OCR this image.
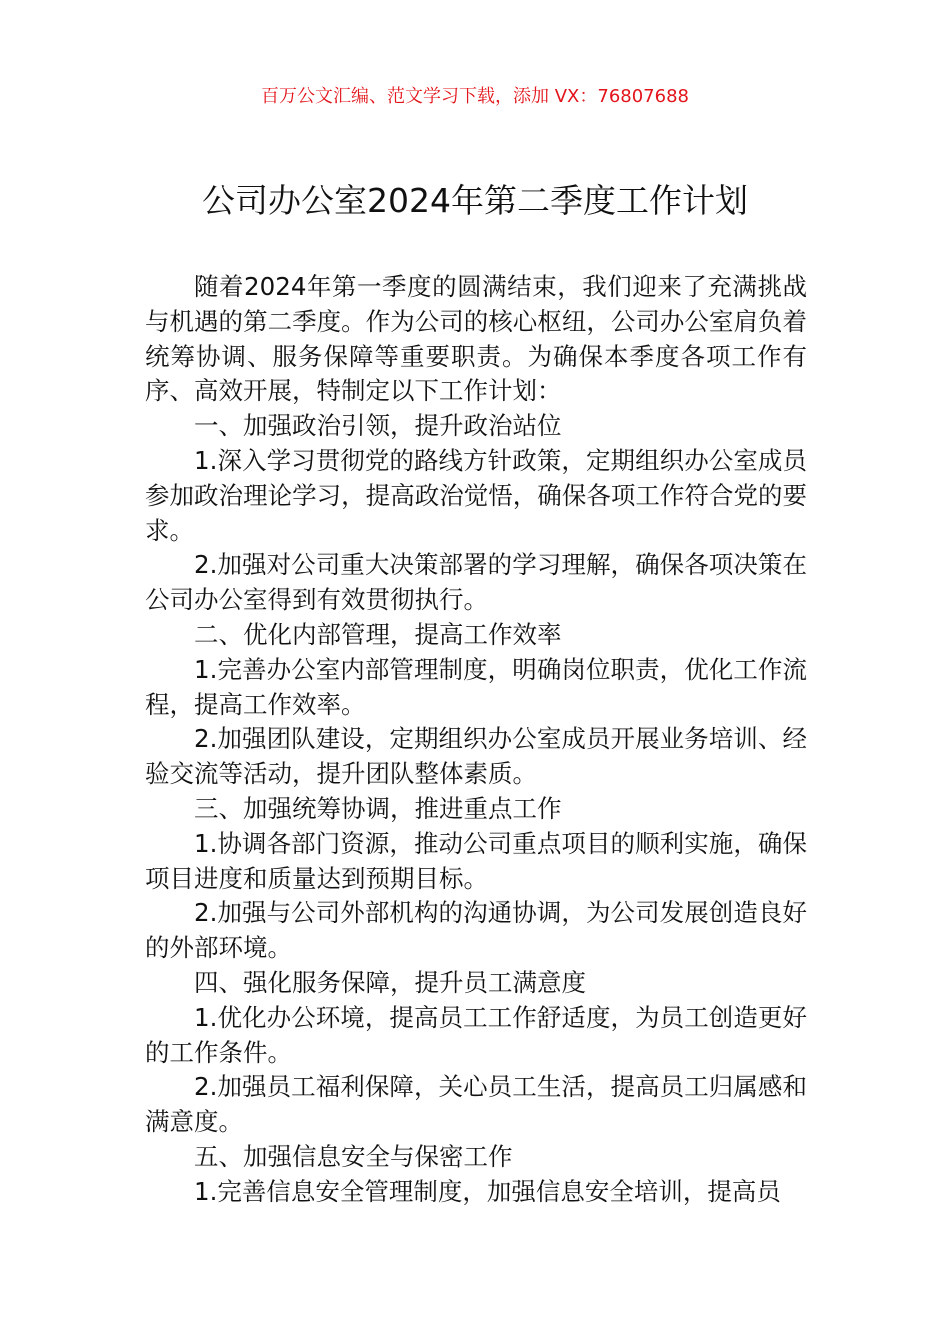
百万公文汇编、范文学习下载，添加 VX：76807688
公司办公室2024年第二季度工作计划

随着2024年第一季度的圆满结束，我们迎来了充满挑战与机遇的第二季度。作为公司的核心枢纽，公司办公室肩负着统筹协调、服务保障等重要职责。为确保本季度各项工作有序、高效开展，特制定以下工作计划：

一、加强政治引领，提升政治站位

1.深入学习贯彻党的路线方针政策，定期组织办公室成员参加政治理论学习，提高政治觉悟，确保各项工作符合党的要求。

2.加强对公司重大决策部署的学习理解，确保各项决策在公司办公室得到有效贯彻执行。

二、优化内部管理，提高工作效率

1.完善办公室内部管理制度，明确岗位职责，优化工作流程，提高工作效率。

2.加强团队建设，定期组织办公室成员开展业务培训、经验交流等活动，提升团队整体素质。

三、加强统筹协调，推进重点工作

1.协调各部门资源，推动公司重点项目的顺利实施，确保项目进度和质量达到预期目标。

2.加强与公司外部机构的沟通协调，为公司发展创造良好的外部环境。

四、强化服务保障，提升员工满意度

1.优化办公环境，提高员工工作舒适度，为员工创造更好的工作条件。

2.加强员工福利保障，关心员工生活，提高员工归属感和满意度。

五、加强信息安全与保密工作

1.完善信息安全管理制度，加强信息安全培训，提高员
